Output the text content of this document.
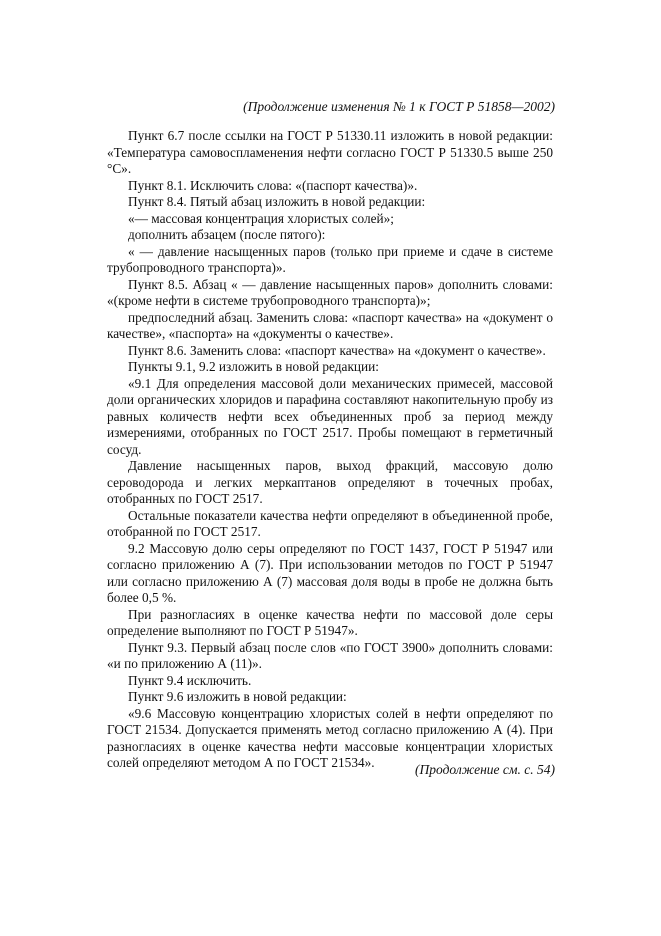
(Продолжение изменения № 1 к ГОСТ Р 51858—2002)

Пункт 6.7 после ссылки на ГОСТ Р 51330.11 изложить в новой редакции: «Температура самовоспламенения нефти согласно ГОСТ Р 51330.5 выше 250 °С».

Пункт 8.1. Исключить слова: «(паспорт качества)».

Пункт 8.4. Пятый абзац изложить в новой редакции:

«— массовая концентрация хлористых солей»;

дополнить абзацем (после пятого):

« — давление насыщенных паров (только при приеме и сдаче в системе трубопроводного транспорта)».

Пункт 8.5. Абзац « — давление насыщенных паров» дополнить словами: «(кроме нефти в системе трубопроводного транспорта)»;

предпоследний абзац. Заменить слова: «паспорт качества» на «документ о качестве», «паспорта» на «документы о качестве».

Пункт 8.6. Заменить слова: «паспорт качества» на «документ о качестве».

Пункты 9.1, 9.2 изложить в новой редакции:

«9.1 Для определения массовой доли механических примесей, массовой доли органических хлоридов и парафина составляют накопительную пробу из равных количеств нефти всех объединенных проб за период между измерениями, отобранных по ГОСТ 2517. Пробы помещают в герметичный сосуд.

Давление насыщенных паров, выход фракций, массовую долю сероводорода и легких меркаптанов определяют в точечных пробах, отобранных по ГОСТ 2517.

Остальные показатели качества нефти определяют в объединенной пробе, отобранной по ГОСТ 2517.

9.2 Массовую долю серы определяют по ГОСТ 1437, ГОСТ Р 51947 или согласно приложению А (7). При использовании методов по ГОСТ Р 51947 или согласно приложению А (7) массовая доля воды в пробе не должна быть более 0,5 %.

При разногласиях в оценке качества нефти по массовой доле серы определение выполняют по ГОСТ Р 51947».

Пункт 9.3. Первый абзац после слов «по ГОСТ 3900» дополнить словами: «и по приложению А (11)».

Пункт 9.4 исключить.

Пункт 9.6 изложить в новой редакции:

«9.6 Массовую концентрацию хлористых солей в нефти определяют по ГОСТ 21534. Допускается применять метод согласно приложению А (4). При разногласиях в оценке качества нефти массовые концентрации хлористых солей определяют методом А по ГОСТ 21534».	(Продолжение см. с. 54)
